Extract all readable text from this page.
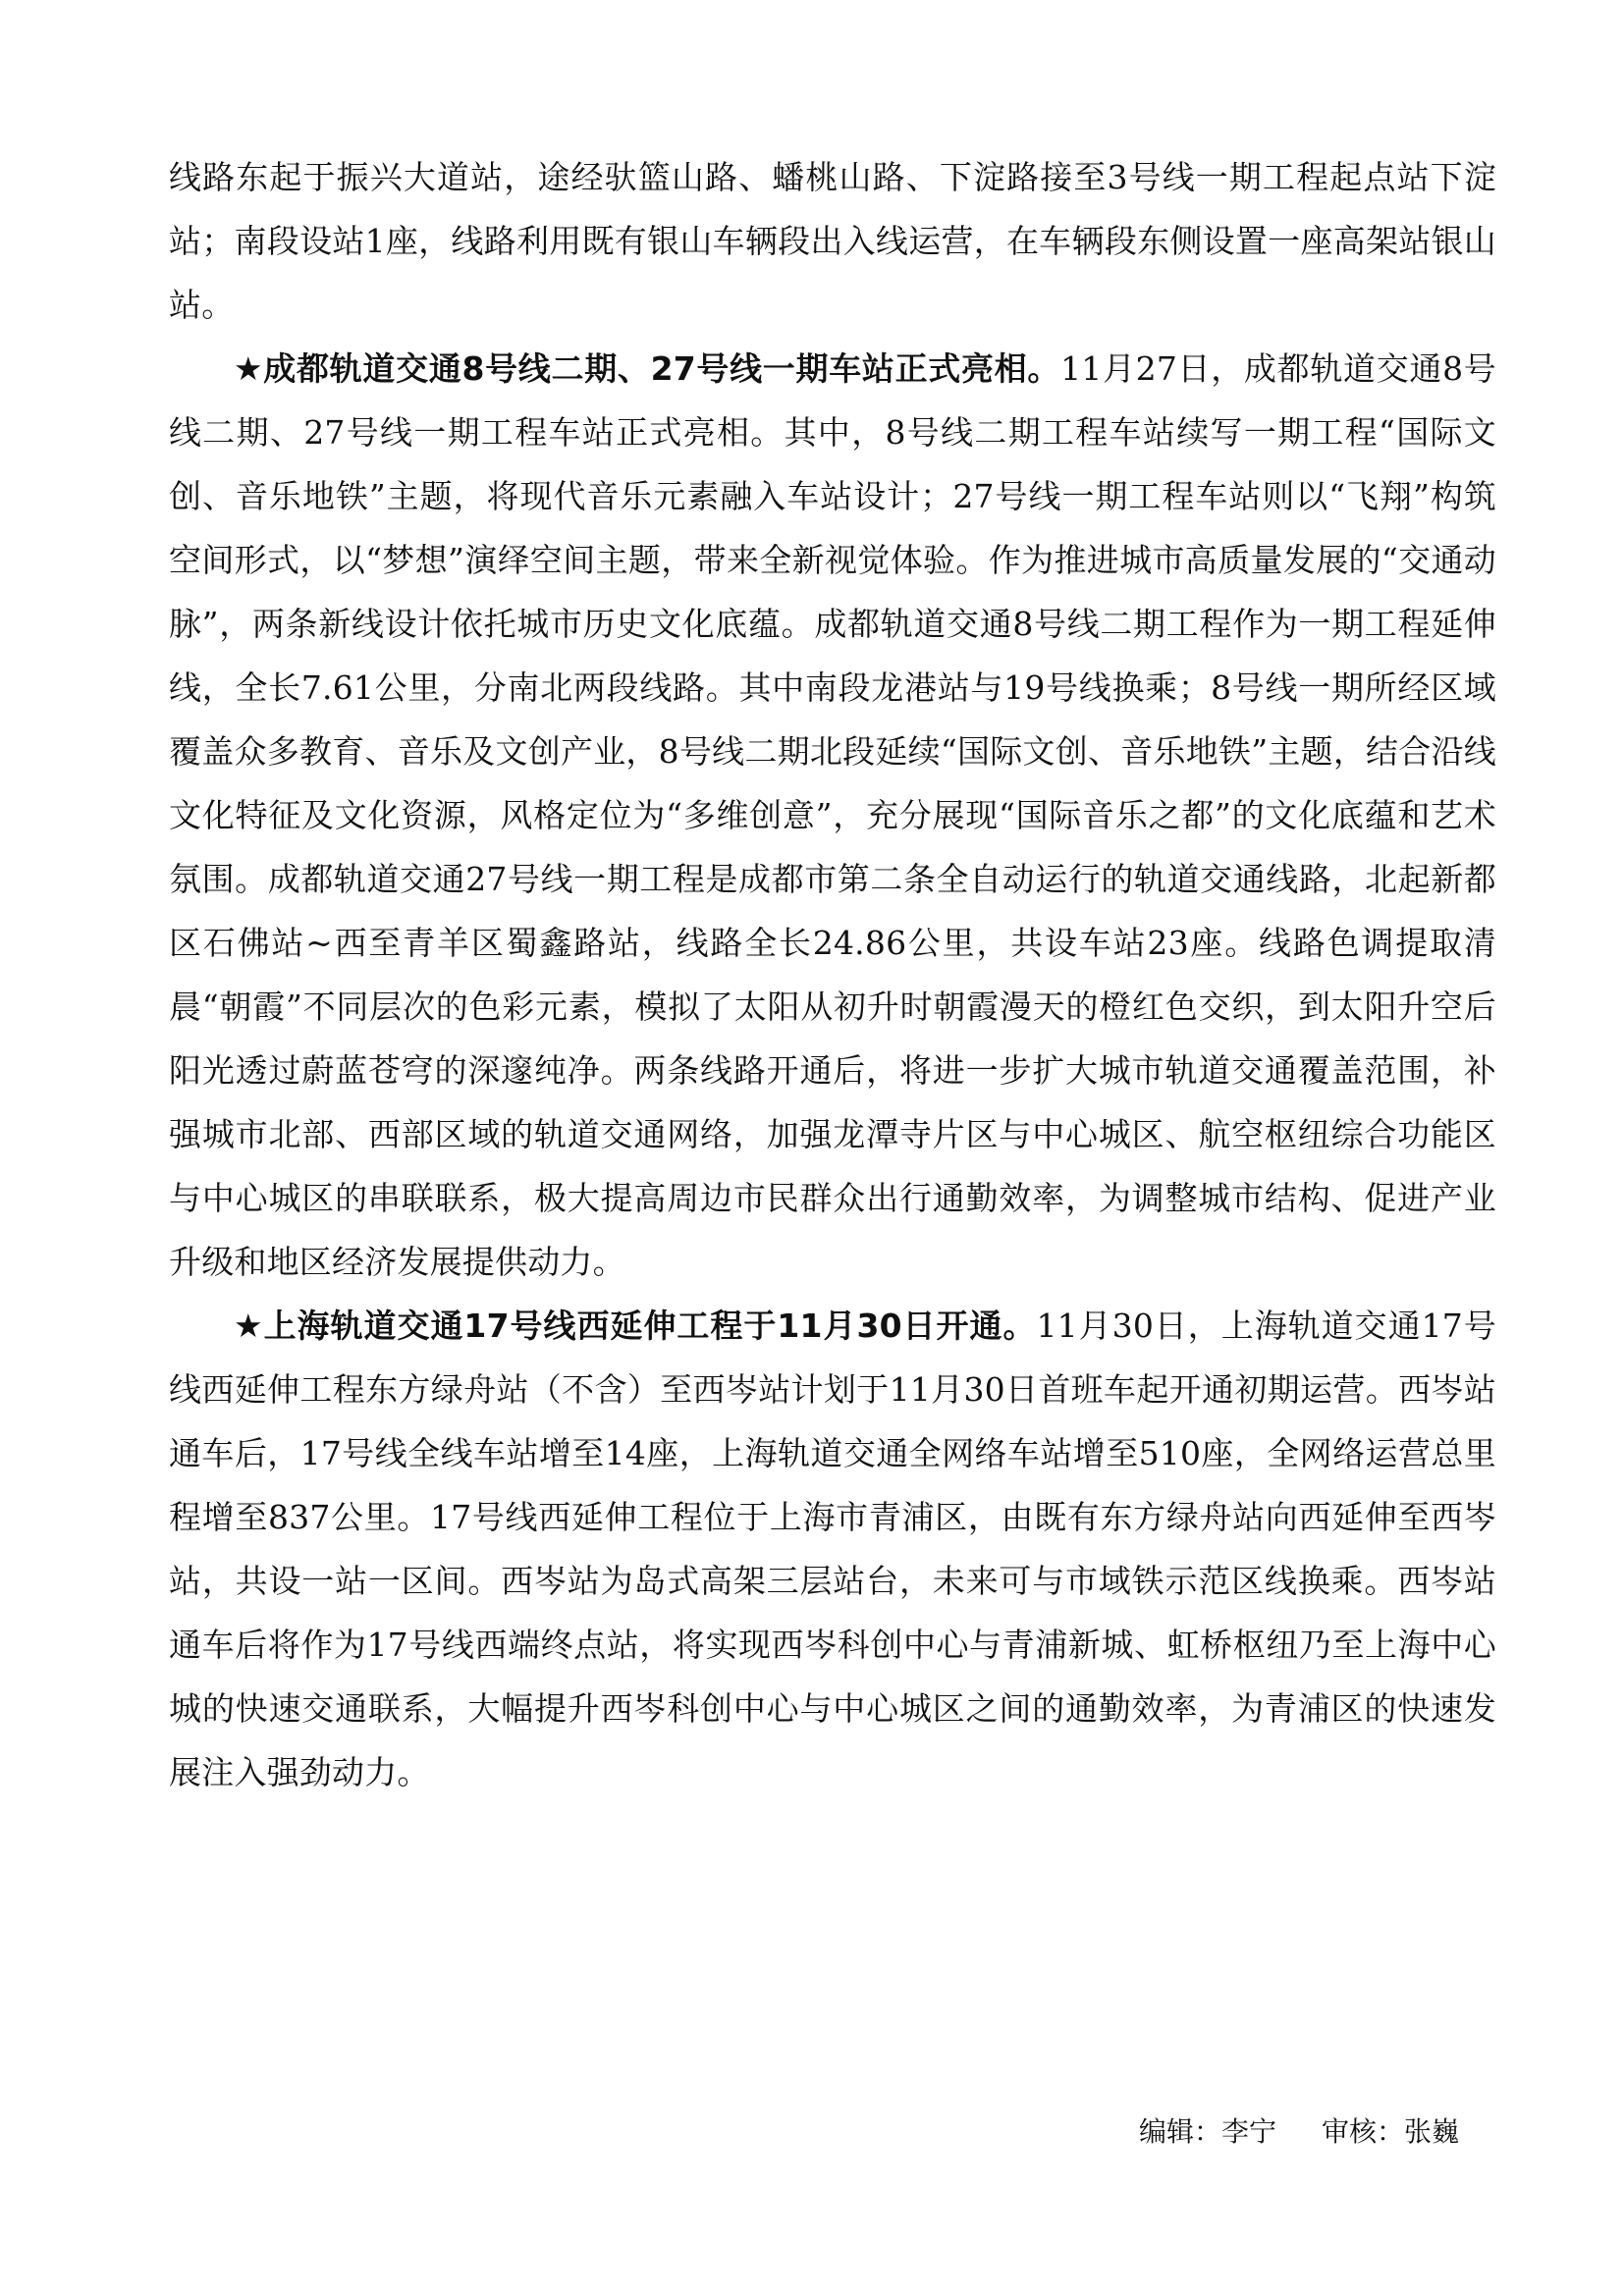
线路东起于振兴大道站，途经驮篮山路、蟠桃山路、下淀路接至3号线一期工程起点站下淀站；南段设站1座，线路利用既有银山车辆段出入线运营，在车辆段东侧设置一座高架站银山站。

★成都轨道交通8号线二期、27号线一期车站正式亮相。11月27日，成都轨道交通8号线二期、27号线一期工程车站正式亮相。其中，8号线二期工程车站续写一期工程“国际文创、音乐地铁”主题，将现代音乐元素融入车站设计；27号线一期工程车站则以“飞翔”构筑空间形式，以“梦想”演绎空间主题，带来全新视觉体验。作为推进城市高质量发展的“交通动脉”，两条新线设计依托城市历史文化底蕴。成都轨道交通8号线二期工程作为一期工程延伸线，全长7.61公里，分南北两段线路。其中南段龙港站与19号线换乘；8号线一期所经区域覆盖众多教育、音乐及文创产业，8号线二期北段延续“国际文创、音乐地铁”主题，结合沿线文化特征及文化资源，风格定位为“多维创意”，充分展现“国际音乐之都”的文化底蕴和艺术氛围。成都轨道交通27号线一期工程是成都市第二条全自动运行的轨道交通线路，北起新都区石佛站~西至青羊区蜀鑫路站，线路全长24.86公里，共设车站23座。线路色调提取清晨“朝霞”不同层次的色彩元素，模拟了太阳从初升时朝霞漫天的橙红色交织，到太阳升空后阳光透过蔚蓝苍穹的深邃纯净。两条线路开通后，将进一步扩大城市轨道交通覆盖范围，补强城市北部、西部区域的轨道交通网络，加强龙潭寺片区与中心城区、航空枢纽综合功能区与中心城区的串联联系，极大提高周边市民群众出行通勤效率，为调整城市结构、促进产业升级和地区经济发展提供动力。

★上海轨道交通17号线西延伸工程于11月30日开通。11月30日，上海轨道交通17号线西延伸工程东方绿舟站（不含）至西岑站计划于11月30日首班车起开通初期运营。西岑站通车后，17号线全线车站增至14座，上海轨道交通全网络车站增至510座，全网络运营总里程增至837公里。17号线西延伸工程位于上海市青浦区，由既有东方绿舟站向西延伸至西岑站，共设一站一区间。西岑站为岛式高架三层站台，未来可与市域铁示范区线换乘。西岑站通车后将作为17号线西端终点站，将实现西岑科创中心与青浦新城、虹桥枢纽乃至上海中心城的快速交通联系，大幅提升西岑科创中心与中心城区之间的通勤效率，为青浦区的快速发展注入强劲动力。

编辑：李宁 审核：张巍
